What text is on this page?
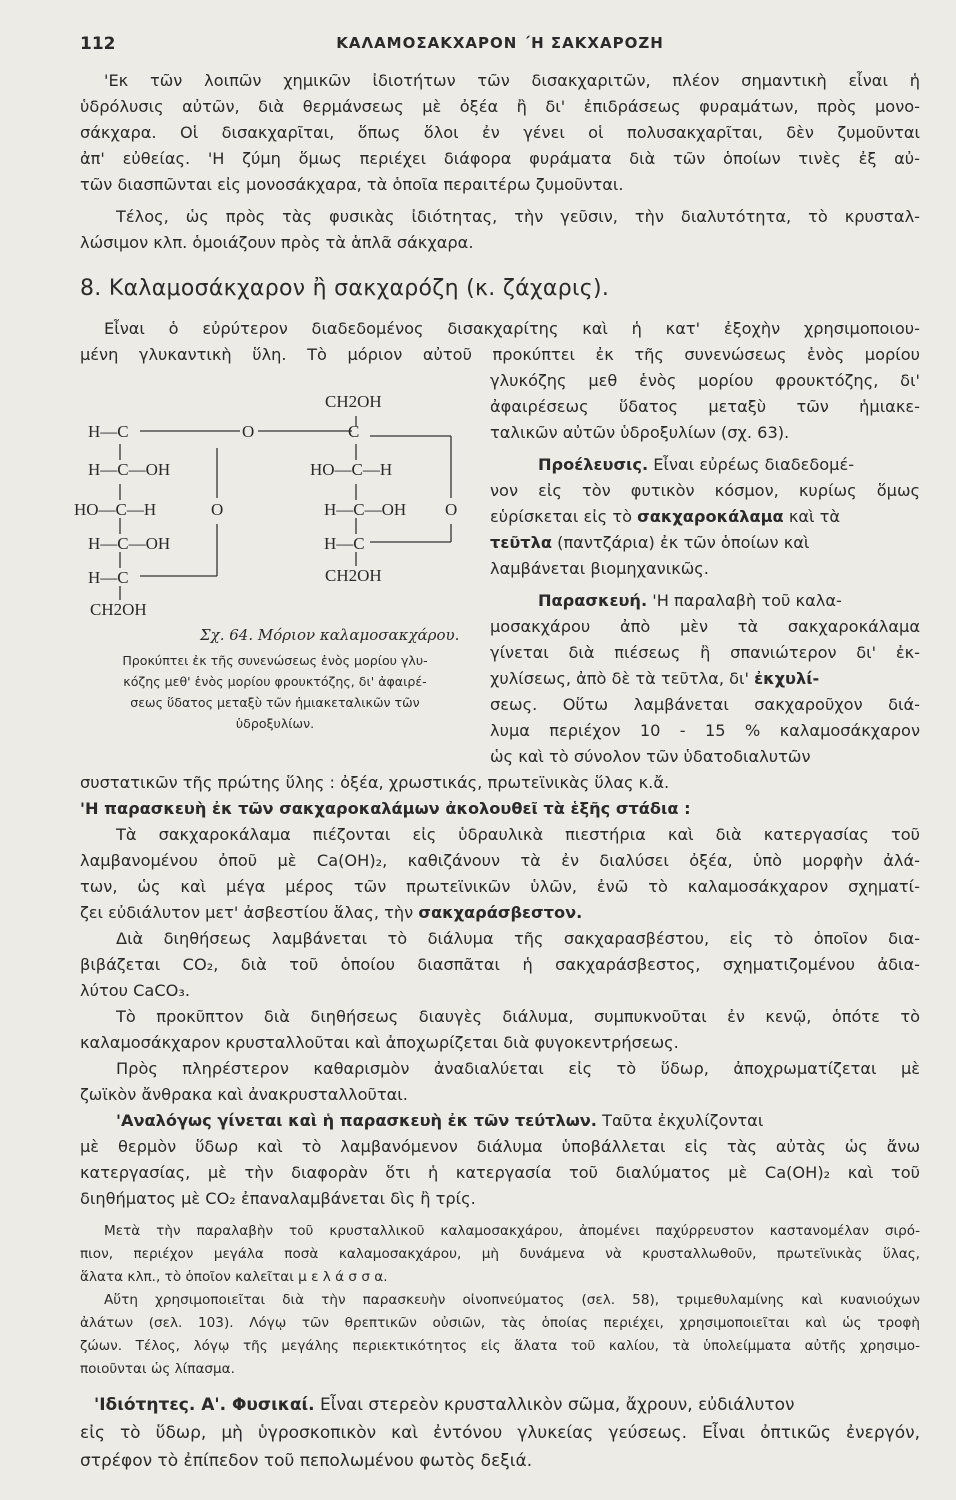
112	ΚΑΛΑΜΟΣΑΚΧΑΡΟΝ ΄Η ΣΑΚΧΑΡΟΖΗ
'Εκ τῶν λοιπῶν χημικῶν ἰδιοτήτων τῶν δισακχαριτῶν, πλέον σημαντικὴ εἶναι ἡ
ὑδρόλυσις αὐτῶν, διὰ θερμάνσεως μὲ ὀξέα ἢ δι' ἐπιδράσεως φυραμάτων, πρὸς μονο-
σάκχαρα. Οἱ δισακχαρῖται, ὅπως ὅλοι ἐν γένει οἱ πολυσακχαρῖται, δὲν ζυμοῦνται
ἀπ' εὐθείας. 'Η ζύμη ὅμως περιέχει διάφορα φυράματα διὰ τῶν ὁποίων τινὲς ἐξ αὐ-
τῶν διασπῶνται εἰς μονοσάκχαρα, τὰ ὁποῖα περαιτέρω ζυμοῦνται.
Τέλος, ὡς πρὸς τὰς φυσικὰς ἰδιότητας, τὴν γεῦσιν, τὴν διαλυτότητα, τὸ κρυσταλ-
λώσιμον κλπ. ὁμοιάζουν πρὸς τὰ ἁπλᾶ σάκχαρα.
8. Καλαμοσάκχαρον ἢ σακχαρόζη (κ. ζάχαρις).
Εἶναι ὁ εὐρύτερον διαδεδομένος δισακχαρίτης καὶ ἡ κατ' ἐξοχὴν χρησιμοποιου-
μένη γλυκαντικὴ ὕλη. Τὸ μόριον αὐτοῦ προκύπτει ἐκ τῆς συνενώσεως ἑνὸς μορίου
CH2OH
H—C	O	C
H—C—OH	HO—C—H
HO—C—H	O	H—C—OH O
H—C—OH	H—C
H—C	CH2OH
CH2OH
Σχ. 64. Μόριον καλαμοσακχάρου.
Προκύπτει ἐκ τῆς συνενώσεως ἑνὸς μορίου γλυ-
κόζης μεθ' ἑνὸς μορίου φρουκτόζης, δι' ἀφαιρέ-
σεως ὕδατος μεταξὺ τῶν ἡμιακεταλικῶν τῶν
ὑδροξυλίων.
γλυκόζης μεθ ἑνὸς μορίου φρουκτόζης, δι'
ἀφαιρέσεως ὕδατος μεταξὺ τῶν ἡμιακε-
ταλικῶν αὐτῶν ὑδροξυλίων (σχ. 63).
Προέλευσις. Εἶναι εὐρέως διαδεδομέ-
νον εἰς τὸν φυτικὸν κόσμον, κυρίως ὅμως
εὑρίσκεται εἰς τὸ σακχαροκάλαμα καὶ τὰ
τεῦτλα (παντζάρια) ἐκ τῶν ὁποίων καὶ
λαμβάνεται βιομηχανικῶς.
Παρασκευή. 'Η παραλαβὴ τοῦ καλα-
μοσακχάρου ἀπὸ μὲν τὰ σακχαροκάλαμα
γίνεται διὰ πιέσεως ἢ σπανιώτερον δι' ἐκ-
χυλίσεως, ἀπὸ δὲ τὰ τεῦτλα, δι' ἐκχυλί-
σεως. Οὕτω λαμβάνεται σακχαροῦχον διά-
λυμα περιέχον 10 - 15 % καλαμοσάκχαρον
ὡς καὶ τὸ σύνολον τῶν ὑδατοδιαλυτῶν
συστατικῶν τῆς πρώτης ὕλης : ὀξέα, χρωστικάς, πρωτεϊνικὰς ὕλας κ.ἄ.
'Η παρασκευὴ ἐκ τῶν σακχαροκαλάμων ἀκολουθεῖ τὰ ἑξῆς στάδια :
Τὰ σακχαροκάλαμα πιέζονται εἰς ὑδραυλικὰ πιεστήρια καὶ διὰ κατεργασίας τοῦ
λαμβανομένου ὀποῦ μὲ Ca(OH)₂, καθιζάνουν τὰ ἐν διαλύσει ὀξέα, ὑπὸ μορφὴν ἀλά-
των, ὡς καὶ μέγα μέρος τῶν πρωτεϊνικῶν ὑλῶν, ἐνῶ τὸ καλαμοσάκχαρον σχηματί-
ζει εὐδιάλυτον μετ' ἀσβεστίου ἅλας, τὴν σακχαράσβεστον.
Διὰ διηθήσεως λαμβάνεται τὸ διάλυμα τῆς σακχαρασβέστου, εἰς τὸ ὁποῖον δια-
βιβάζεται CO₂, διὰ τοῦ ὁποίου διασπᾶται ἡ σακχαράσβεστος, σχηματιζομένου ἀδια-
λύτου CaCO₃.
Τὸ προκῦπτον διὰ διηθήσεως διαυγὲς διάλυμα, συμπυκνοῦται ἐν κενῷ, ὁπότε τὸ
καλαμοσάκχαρον κρυσταλλοῦται καὶ ἀποχωρίζεται διὰ φυγοκεντρήσεως.
Πρὸς πληρέστερον καθαρισμὸν ἀναδιαλύεται εἰς τὸ ὕδωρ, ἀποχρωματίζεται μὲ
ζωϊκὸν ἄνθρακα καὶ ἀνακρυσταλλοῦται.
'Αναλόγως γίνεται καὶ ἡ παρασκευὴ ἐκ τῶν τεύτλων. Ταῦτα ἐκχυλίζονται
μὲ θερμὸν ὕδωρ καὶ τὸ λαμβανόμενον διάλυμα ὑποβάλλεται εἰς τὰς αὐτὰς ὡς ἄνω
κατεργασίας, μὲ τὴν διαφορὰν ὅτι ἡ κατεργασία τοῦ διαλύματος μὲ Ca(OH)₂ καὶ τοῦ
διηθήματος μὲ CO₂ ἐπαναλαμβάνεται δὶς ἢ τρίς.
Μετὰ τὴν παραλαβὴν τοῦ κρυσταλλικοῦ καλαμοσακχάρου, ἀπομένει παχύρρευστον καστανομέλαν σιρό-
πιον, περιέχον μεγάλα ποσὰ καλαμοσακχάρου, μὴ δυνάμενα νὰ κρυσταλλωθοῦν, πρωτεϊνικὰς ὕλας,
ἅλατα κλπ., τὸ ὁποῖον καλεῖται μ ε λ ά σ σ α.
Αὕτη χρησιμοποιεῖται διὰ τὴν παρασκευὴν οἰνοπνεύματος (σελ. 58), τριμεθυλαμίνης καὶ κυανιούχων
ἀλάτων (σελ. 103). Λόγῳ τῶν θρεπτικῶν οὐσιῶν, τὰς ὁποίας περιέχει, χρησιμοποιεῖται καὶ ὡς τροφὴ
ζώων. Τέλος, λόγῳ τῆς μεγάλης περιεκτικότητος εἰς ἅλατα τοῦ καλίου, τὰ ὑπολείμματα αὐτῆς χρησιμο-
ποιοῦνται ὡς λίπασμα.
'Ιδιότητες. Α'. Φυσικαί. Εἶναι στερεὸν κρυσταλλικὸν σῶμα, ἄχρουν, εὐδιάλυτον
εἰς τὸ ὕδωρ, μὴ ὑγροσκοπικὸν καὶ ἐντόνου γλυκείας γεύσεως. Εἶναι ὀπτικῶς ἐνεργόν,
στρέφον τὸ ἐπίπεδον τοῦ πεπολωμένου φωτὸς δεξιά.
